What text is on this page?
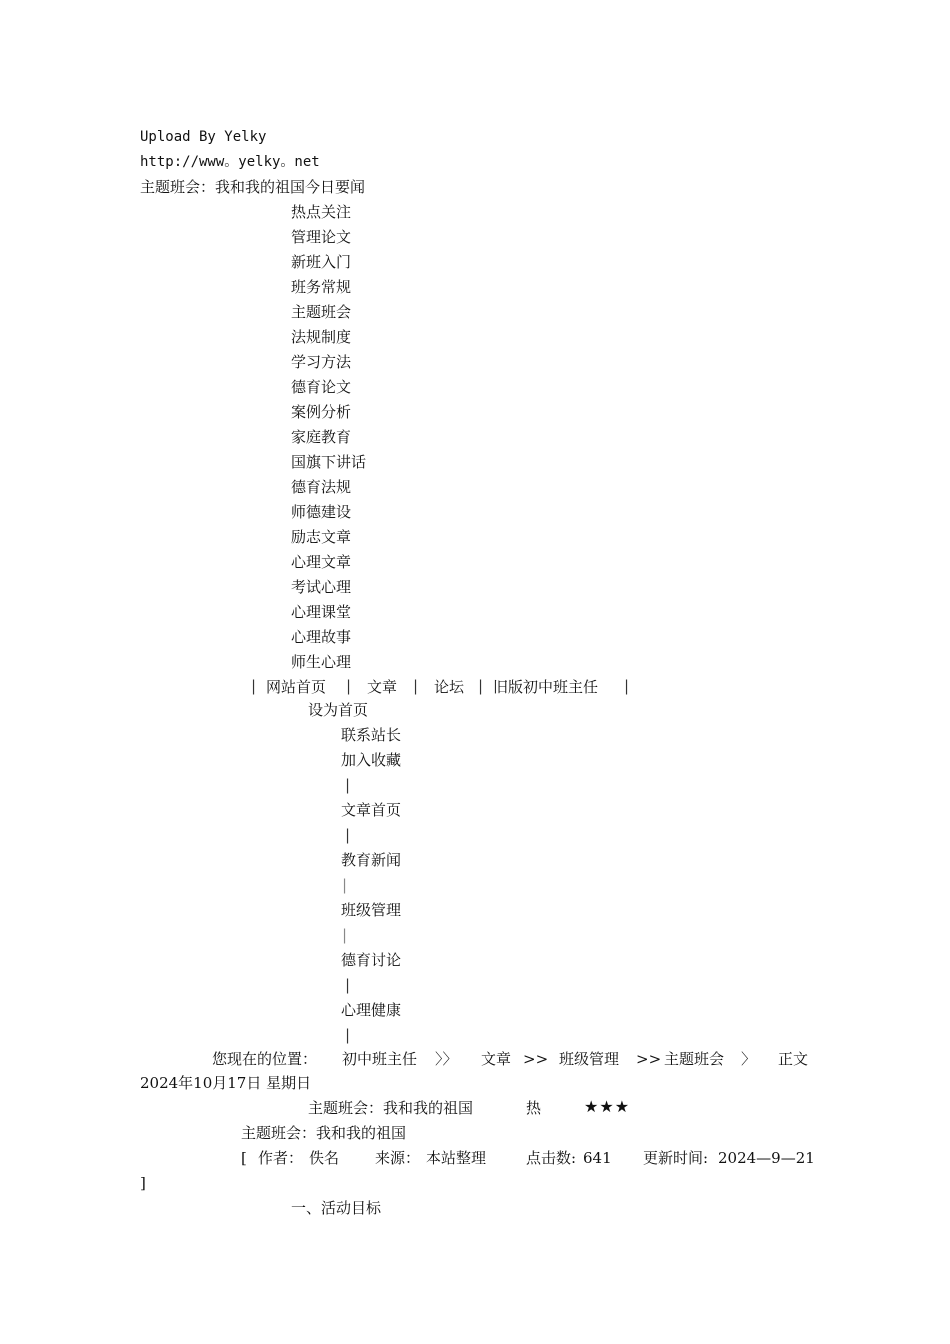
Upload By Yelky
http://www。yelky。net
主题班会：我和我的祖国今日要闻
热点关注
管理论文
新班入门
班务常规
主题班会
法规制度
学习方法
德育论文
案例分析
家庭教育
国旗下讲话
德育法规
师德建设
励志文章
心理文章
考试心理
心理课堂
心理故事
师生心理
| 网站首页 | 文章 | 论坛 | 旧版初中班主任 |
设为首页
联系站长
加入收藏
|
文章首页
|
教育新闻
|
班级管理
|
德育讨论
|
心理健康
|
您现在的位置： 初中班主任 〉〉 文章 >> 班级管理 >> 主题班会 〉 正文
2024年10月17日 星期日
主题班会：我和我的祖国	热	★★★
主题班会：我和我的祖国
[ 作者： 佚名 来源： 本站整理	点击数: 641 更新时间: 2024—9—21
]
一、活动目标
